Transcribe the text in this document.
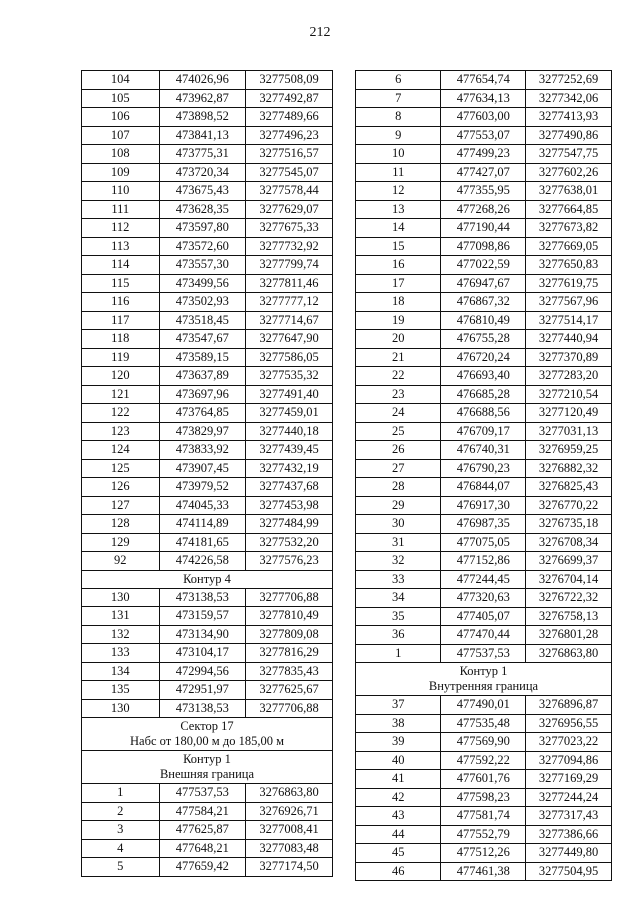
212
104	474026,96	3277508,09
105	473962,87	3277492,87
106	473898,52	3277489,66
107	473841,13	3277496,23
108	473775,31	3277516,57
109	473720,34	3277545,07
110	473675,43	3277578,44
111	473628,35	3277629,07
112	473597,80	3277675,33
113	473572,60	3277732,92
114	473557,30	3277799,74
115	473499,56	3277811,46
116	473502,93	3277777,12
117	473518,45	3277714,67
118	473547,67	3277647,90
119	473589,15	3277586,05
120	473637,89	3277535,32
121	473697,96	3277491,40
122	473764,85	3277459,01
123	473829,97	3277440,18
124	473833,92	3277439,45
125	473907,45	3277432,19
126	473979,52	3277437,68
127	474045,33	3277453,98
128	474114,89	3277484,99
129	474181,65	3277532,20
92	474226,58	3277576,23

Контур 4		

130	473138,53	3277706,88
131	473159,57	3277810,49
132	473134,90	3277809,08
133	473104,17	3277816,29
134	472994,56	3277835,43
135	472951,97	3277625,67
130	473138,53	3277706,88

Сектор 17
Набс от 180,00 м до 185,00 м		

Контур 1
Внешняя граница		

1	477537,53	3276863,80
2	477584,21	3276926,71
3	477625,87	3277008,41
4	477648,21	3277083,48
5	477659,42	3277174,50
6	477654,74	3277252,69
7	477634,13	3277342,06
8	477603,00	3277413,93
9	477553,07	3277490,86
10	477499,23	3277547,75
11	477427,07	3277602,26
12	477355,95	3277638,01
13	477268,26	3277664,85
14	477190,44	3277673,82
15	477098,86	3277669,05
16	477022,59	3277650,83
17	476947,67	3277619,75
18	476867,32	3277567,96
19	476810,49	3277514,17
20	476755,28	3277440,94
21	476720,24	3277370,89
22	476693,40	3277283,20
23	476685,28	3277210,54
24	476688,56	3277120,49
25	476709,17	3277031,13
26	476740,31	3276959,25
27	476790,23	3276882,32
28	476844,07	3276825,43
29	476917,30	3276770,22
30	476987,35	3276735,18
31	477075,05	3276708,34
32	477152,86	3276699,37
33	477244,45	3276704,14
34	477320,63	3276722,32
35	477405,07	3276758,13
36	477470,44	3276801,28
1	477537,53	3276863,80

Контур 1
Внутренняя граница		

37	477490,01	3276896,87
38	477535,48	3276956,55
39	477569,90	3277023,22
40	477592,22	3277094,86
41	477601,76	3277169,29
42	477598,23	3277244,24
43	477581,74	3277317,43
44	477552,79	3277386,66
45	477512,26	3277449,80
46	477461,38	3277504,95
